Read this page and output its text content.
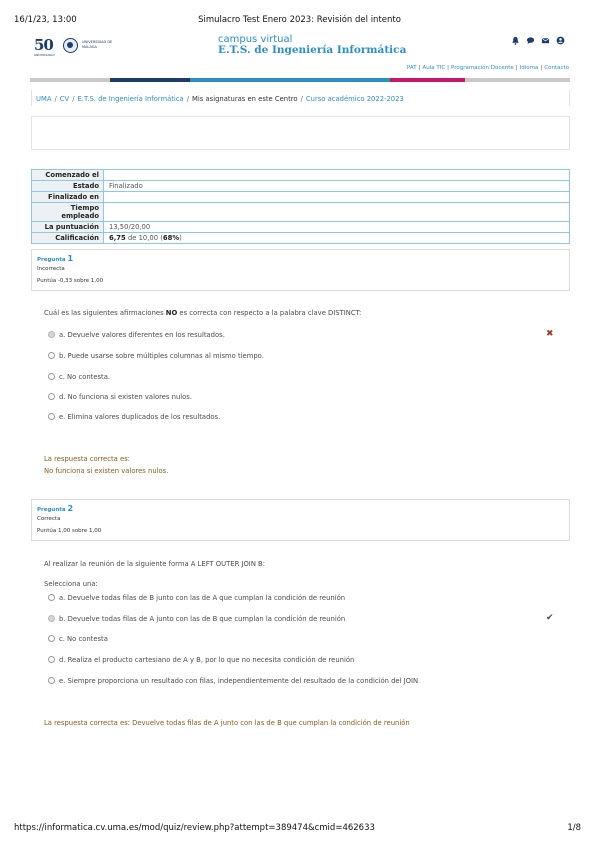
16/1/23, 13:00	Simulacro Test Enero 2023: Revisión del intento
50
ANIVERSARIO
UNIVERSIDAD DE MÁLAGA
campus virtual
E.T.S. de Ingeniería Informática
PAT | Aula TIC | Programación Docente | Idioma | Contacto
UMA / CV / E.T.S. de Ingeniería Informática / Mis asignaturas en este Centro / Curso académico 2022-2023
Comenzado el	
Estado	Finalizado
Finalizado en	
Tiempo empleado	
La puntuación	13,50/20,00
Calificación	6,75 de 10,00 (68%)
Pregunta 1
Incorrecta
Puntúa -0,33 sobre 1,00
Cuál es las siguientes afirmaciones NO es correcta con respecto a la palabra clave DISTINCT:
a. Devuelve valores diferentes en los resultados.	✖
b. Puede usarse sobre múltiples columnas al mismo tiempo.
c. No contesta.
d. No funciona si existen valores nulos.
e. Elimina valores duplicados de los resultados.
La respuesta correcta es:
No funciona si existen valores nulos.
Pregunta 2
Correcta
Puntúa 1,00 sobre 1,00
Al realizar la reunión de la siguiente forma A LEFT OUTER JOIN B:
Selecciona una:
a. Devuelve todas filas de B junto con las de A que cumplan la condición de reunión
b. Devuelve todas filas de A junto con las de B que cumplan la condición de reunión	✔
c. No contesta
d. Realiza el producto cartesiano de A y B, por lo que no necesita condición de reunión
e. Siempre proporciona un resultado con filas, independientemente del resultado de la condición del JOIN
La respuesta correcta es: Devuelve todas filas de A junto con las de B que cumplan la condición de reunión
https://informatica.cv.uma.es/mod/quiz/review.php?attempt=389474&cmid=462633	1/8
